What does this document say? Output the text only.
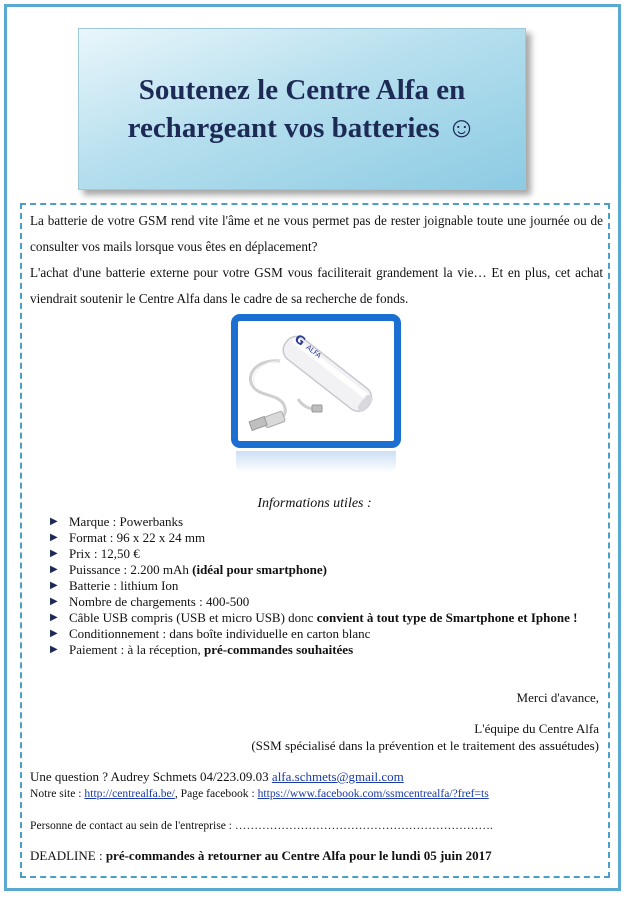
Soutenez le Centre Alfa en
rechargeant vos batteries ☺

La batterie de votre GSM rend vite l'âme et ne vous permet pas de rester joignable toute une journée ou de consulter vos mails lorsque vous êtes en déplacement?

L'achat d'une batterie externe pour votre GSM vous faciliterait grandement la vie… Et en plus, cet achat viendrait soutenir le Centre Alfa dans le cadre de sa recherche de fonds.

G
ALFA
Informations utiles :
▶ Marque : Powerbanks
▶ Format : 96 x 22 x 24 mm
▶ Prix : 12,50 €
▶ Puissance : 2.200 mAh (idéal pour smartphone)
▶ Batterie : lithium Ion
▶ Nombre de chargements : 400-500
▶ Câble USB compris (USB et micro USB) donc convient à tout type de Smartphone et Iphone !
▶ Conditionnement : dans boîte individuelle en carton blanc
▶ Paiement : à la réception, pré-commandes souhaitées
Merci d'avance,
L'équipe du Centre Alfa
(SSM spécialisé dans la prévention et le traitement des assuétudes)
Une question ? Audrey Schmets 04/223.09.03 alfa.schmets@gmail.com
Notre site : http://centrealfa.be/, Page facebook : https://www.facebook.com/ssmcentrealfa/?fref=ts
Personne de contact au sein de l'entreprise : ………………………………………………………….
DEADLINE : pré-commandes à retourner au Centre Alfa pour le lundi 05 juin 2017
